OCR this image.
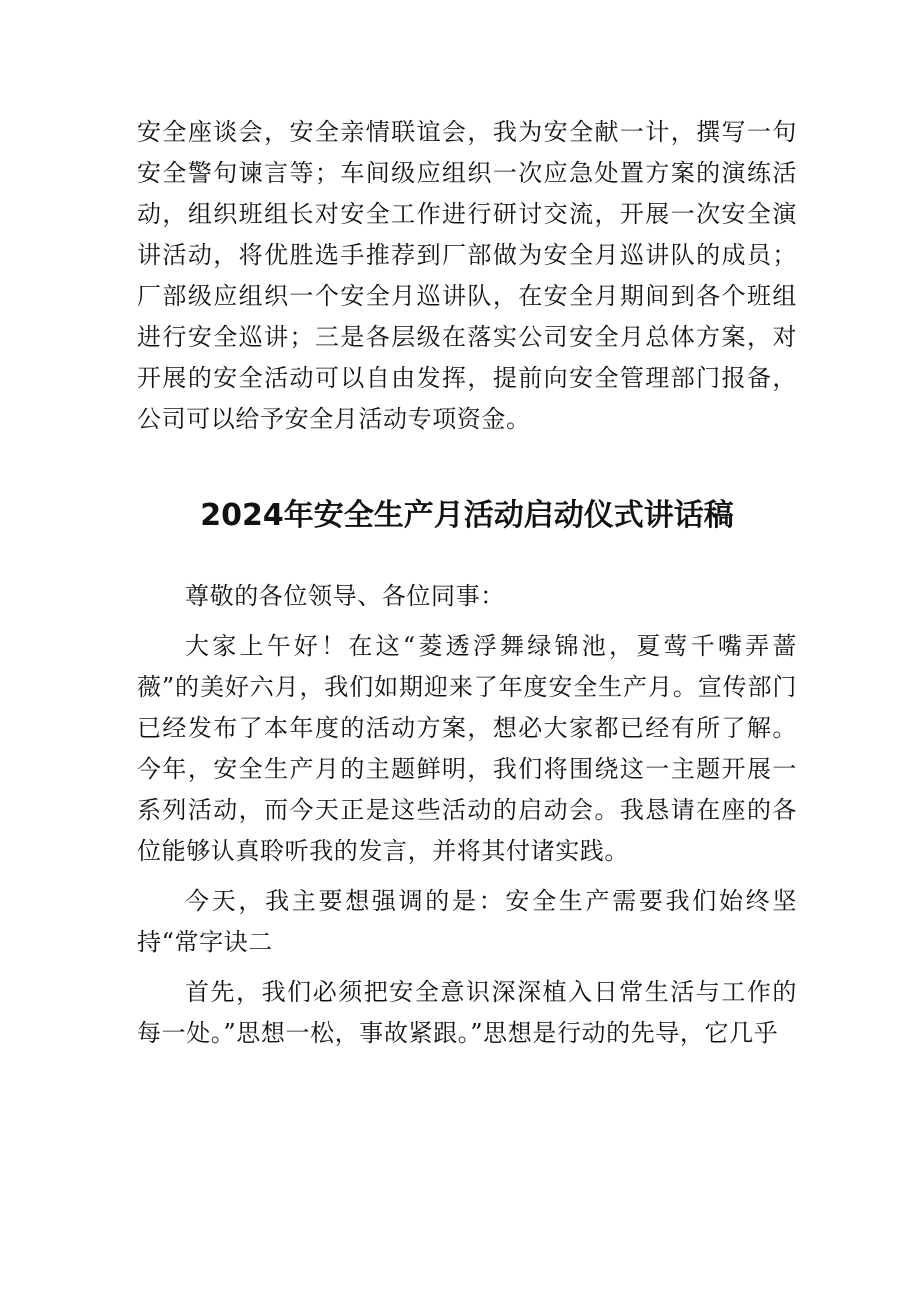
安全座谈会，安全亲情联谊会，我为安全献一计，撰写一句安全警句谏言等；车间级应组织一次应急处置方案的演练活动，组织班组长对安全工作进行研讨交流，开展一次安全演讲活动，将优胜选手推荐到厂部做为安全月巡讲队的成员；厂部级应组织一个安全月巡讲队，在安全月期间到各个班组进行安全巡讲；三是各层级在落实公司安全月总体方案，对开展的安全活动可以自由发挥，提前向安全管理部门报备，公司可以给予安全月活动专项资金。

2024年安全生产月活动启动仪式讲话稿

尊敬的各位领导、各位同事：

大家上午好！在这“菱透浮舞绿锦池，夏莺千嘴弄蔷薇”的美好六月，我们如期迎来了年度安全生产月。宣传部门已经发布了本年度的活动方案，想必大家都已经有所了解。今年，安全生产月的主题鲜明，我们将围绕这一主题开展一系列活动，而今天正是这些活动的启动会。我恳请在座的各位能够认真聆听我的发言，并将其付诸实践。

今天，我主要想强调的是：安全生产需要我们始终坚持“常字诀二

首先，我们必须把安全意识深深植入日常生活与工作的每一处。”思想一松，事故紧跟。”思想是行动的先导，它几乎
